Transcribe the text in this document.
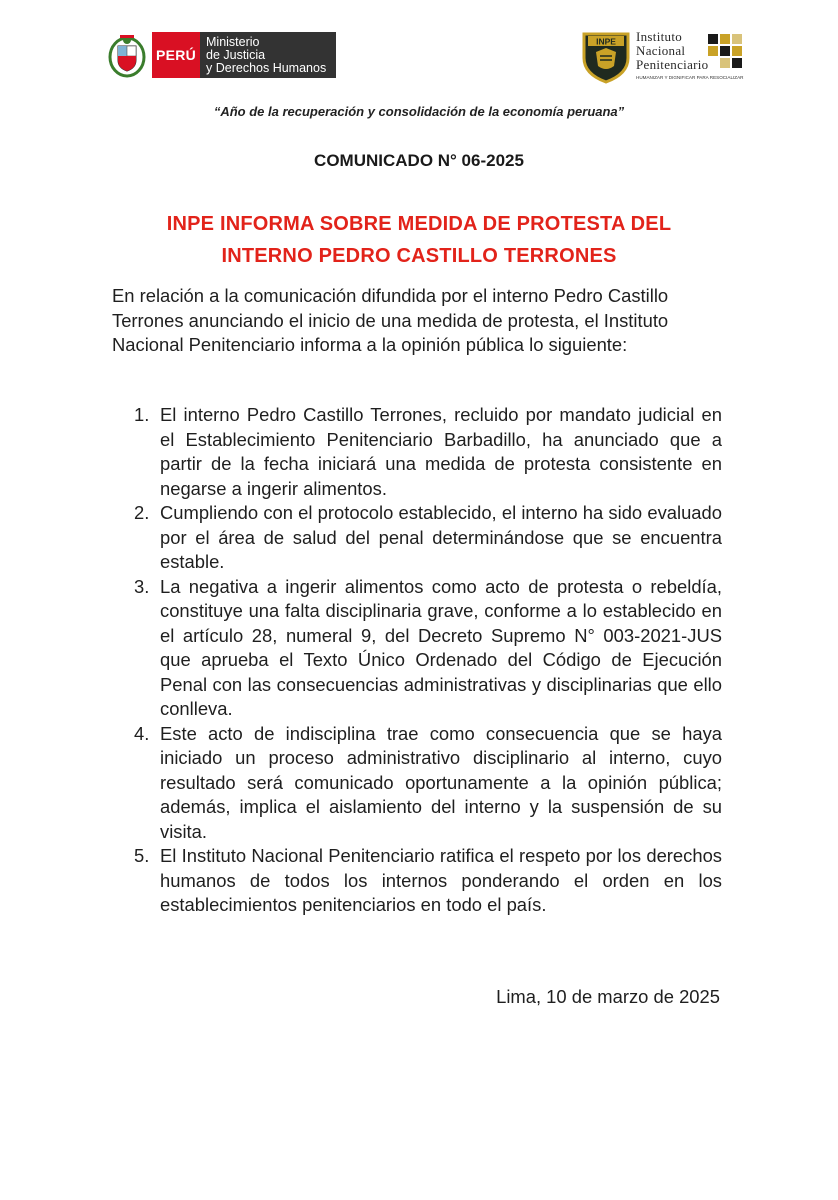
PERÚ
Ministerio
de Justicia
y Derechos Humanos
INPE Instituto
Nacional
Penitenciario
HUMANIZAR Y DIGNIFICAR PARA RESOCIALIZAR
“Año de la recuperación y consolidación de la economía peruana”
COMUNICADO N° 06-2025
INPE INFORMA SOBRE MEDIDA DE PROTESTA DEL
INTERNO PEDRO CASTILLO TERRONES
En relación a la comunicación difundida por el interno Pedro Castillo Terrones anunciando el inicio de una medida de protesta, el Instituto Nacional Penitenciario informa a la opinión pública lo siguiente:
1. El interno Pedro Castillo Terrones, recluido por mandato judicial en el Establecimiento Penitenciario Barbadillo, ha anunciado que a partir de la fecha iniciará una medida de protesta consistente en negarse a ingerir alimentos.
2. Cumpliendo con el protocolo establecido, el interno ha sido evaluado por el área de salud del penal determinándose que se encuentra estable.
3. La negativa a ingerir alimentos como acto de protesta o rebeldía, constituye una falta disciplinaria grave, conforme a lo establecido en el artículo 28, numeral 9, del Decreto Supremo N° 003-2021-JUS que aprueba el Texto Único Ordenado del Código de Ejecución Penal con las consecuencias administrativas y disciplinarias que ello conlleva.
4. Este acto de indisciplina trae como consecuencia que se haya iniciado un proceso administrativo disciplinario al interno, cuyo resultado será comunicado oportunamente a la opinión pública; además, implica el aislamiento del interno y la suspensión de su visita.
5. El Instituto Nacional Penitenciario ratifica el respeto por los derechos humanos de todos los internos ponderando el orden en los establecimientos penitenciarios en todo el país.
Lima, 10 de marzo de 2025
